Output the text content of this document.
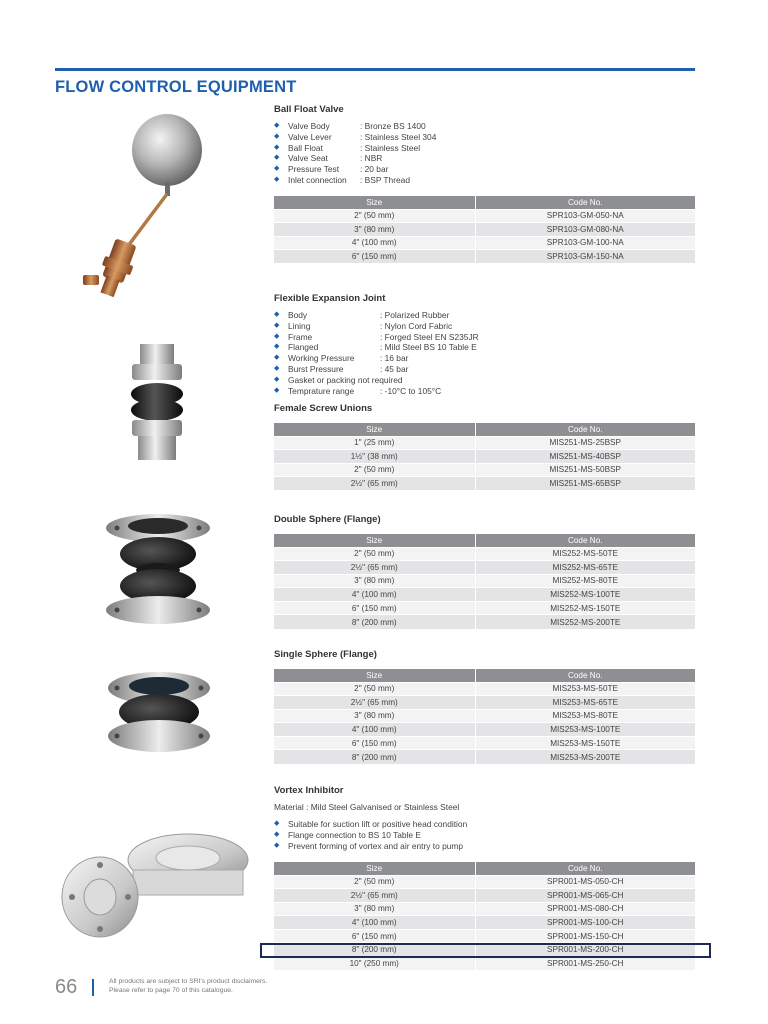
FLOW CONTROL EQUIPMENT
Ball Float Valve
◆	Valve Body	: Bronze BS 1400
◆	Valve Lever	: Stainless Steel 304
◆	Ball Float	: Stainless Steel
◆	Valve Seat	: NBR
◆	Pressure Test	: 20 bar
◆	Inlet connection	: BSP Thread
Size	Code No.
2" (50 mm)	SPR103-GM-050-NA
3" (80 mm)	SPR103-GM-080-NA
4" (100 mm)	SPR103-GM-100-NA
6" (150 mm)	SPR103-GM-150-NA
Flexible Expansion Joint
◆	Body	: Polarized Rubber
◆	Lining	: Nylon Cord Fabric
◆	Frame	: Forged Steel EN S235JR
◆	Flanged	: Mild Steel BS 10 Table E
◆	Working Pressure	: 16 bar
◆	Burst Pressure	: 45 bar
◆	Gasket or packing not required
◆	Temprature range	: -10°C to 105°C
Female Screw Unions
Size	Code No.
1" (25 mm)	MIS251-MS-25BSP
1½" (38 mm)	MIS251-MS-40BSP
2" (50 mm)	MIS251-MS-50BSP
2½" (65 mm)	MIS251-MS-65BSP
Double Sphere (Flange)
Size	Code No.
2" (50 mm)	MIS252-MS-50TE
2½" (65 mm)	MIS252-MS-65TE
3" (80 mm)	MIS252-MS-80TE
4" (100 mm)	MIS252-MS-100TE
6" (150 mm)	MIS252-MS-150TE
8" (200 mm)	MIS252-MS-200TE
Single Sphere (Flange)
Size	Code No.
2" (50 mm)	MIS253-MS-50TE
2½" (65 mm)	MIS253-MS-65TE
3" (80 mm)	MIS253-MS-80TE
4" (100 mm)	MIS253-MS-100TE
6" (150 mm)	MIS253-MS-150TE
8" (200 mm)	MIS253-MS-200TE
Vortex Inhibitor
Material : Mild Steel Galvanised or Stainless Steel
◆	Suitable for suction lift or positive head condition
◆	Flange connection to BS 10 Table E
◆	Prevent forming of vortex and air entry to pump
Size	Code No.
2" (50 mm)	SPR001-MS-050-CH
2½" (65 mm)	SPR001-MS-065-CH
3" (80 mm)	SPR001-MS-080-CH
4" (100 mm)	SPR001-MS-100-CH
6" (150 mm)	SPR001-MS-150-CH
8" (200 mm)	SPR001-MS-200-CH
10" (250 mm)	SPR001-MS-250-CH
66	All products are subject to SRI's product disclaimers.
Please refer to page 70 of this catalogue.
